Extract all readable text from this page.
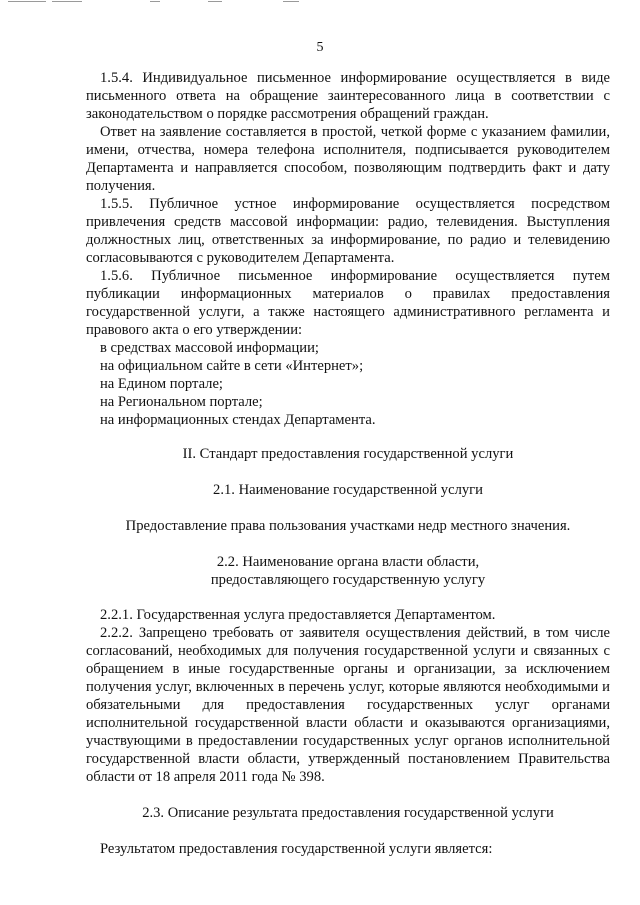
5

1.5.4. Индивидуальное письменное информирование осуществляется в виде письменного ответа на обращение заинтересованного лица в соответствии с законодательством о порядке рассмотрения обращений граждан.

Ответ на заявление составляется в простой, четкой форме с указанием фамилии, имени, отчества, номера телефона исполнителя, подписывается руководителем Департамента и направляется способом, позволяющим подтвердить факт и дату получения.

1.5.5. Публичное устное информирование осуществляется посредством привлечения средств массовой информации: радио, телевидения. Выступления должностных лиц, ответственных за информирование, по радио и телевидению согласовываются с руководителем Департамента.

1.5.6. Публичное письменное информирование осуществляется путем публикации информационных материалов о правилах предоставления государственной услуги, а также настоящего административного регламента и правового акта о его утверждении:

в средствах массовой информации;

на официальном сайте в сети «Интернет»;

на Едином портале;

на Региональном портале;

на информационных стендах Департамента.

II. Стандарт предоставления государственной услуги

2.1. Наименование государственной услуги

Предоставление права пользования участками недр местного значения.

2.2. Наименование органа власти области,
предоставляющего государственную услугу

2.2.1. Государственная услуга предоставляется Департаментом.

2.2.2. Запрещено требовать от заявителя осуществления действий, в том числе согласований, необходимых для получения государственной услуги и связанных с обращением в иные государственные органы и организации, за исключением получения услуг, включенных в перечень услуг, которые являются необходимыми и обязательными для предоставления государственных услуг органами исполнительной государственной власти области и оказываются организациями, участвующими в предоставлении государственных услуг органов исполнительной государственной власти области, утвержденный постановлением Правительства области от 18 апреля 2011 года № 398.

2.3. Описание результата предоставления государственной услуги

Результатом предоставления государственной услуги является:
